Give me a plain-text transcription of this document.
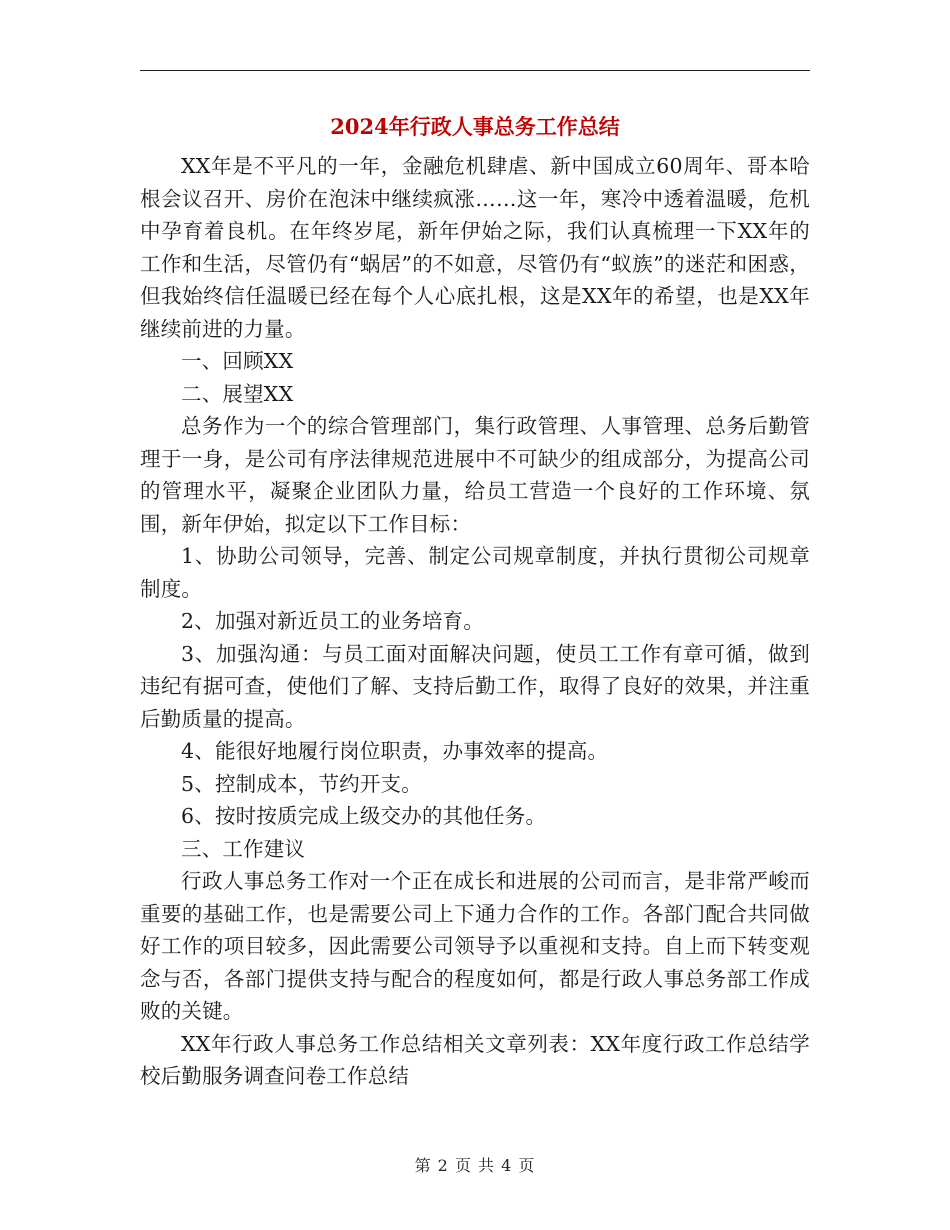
2024年行政人事总务工作总结

XX年是不平凡的一年，金融危机肆虐、新中国成立60周年、哥本哈根会议召开、房价在泡沫中继续疯涨……这一年，寒冷中透着温暖，危机中孕育着良机。在年终岁尾，新年伊始之际，我们认真梳理一下XX年的工作和生活，尽管仍有“蜗居”的不如意，尽管仍有“蚁族”的迷茫和困惑，但我始终信任温暖已经在每个人心底扎根，这是XX年的希望，也是XX年继续前进的力量。

一、回顾XX

二、展望XX

总务作为一个的综合管理部门，集行政管理、人事管理、总务后勤管理于一身，是公司有序法律规范进展中不可缺少的组成部分，为提高公司的管理水平，凝聚企业团队力量，给员工营造一个良好的工作环境、氛围，新年伊始，拟定以下工作目标：

1、协助公司领导，完善、制定公司规章制度，并执行贯彻公司规章制度。

2、加强对新近员工的业务培育。

3、加强沟通：与员工面对面解决问题，使员工工作有章可循，做到违纪有据可查，使他们了解、支持后勤工作，取得了良好的效果，并注重后勤质量的提高。

4、能很好地履行岗位职责，办事效率的提高。

5、控制成本，节约开支。

6、按时按质完成上级交办的其他任务。

三、工作建议

行政人事总务工作对一个正在成长和进展的公司而言，是非常严峻而重要的基础工作，也是需要公司上下通力合作的工作。各部门配合共同做好工作的项目较多，因此需要公司领导予以重视和支持。自上而下转变观念与否，各部门提供支持与配合的程度如何，都是行政人事总务部工作成败的关键。

XX年行政人事总务工作总结相关文章列表：XX年度行政工作总结学校后勤服务调查问卷工作总结

第 2 页 共 4 页
